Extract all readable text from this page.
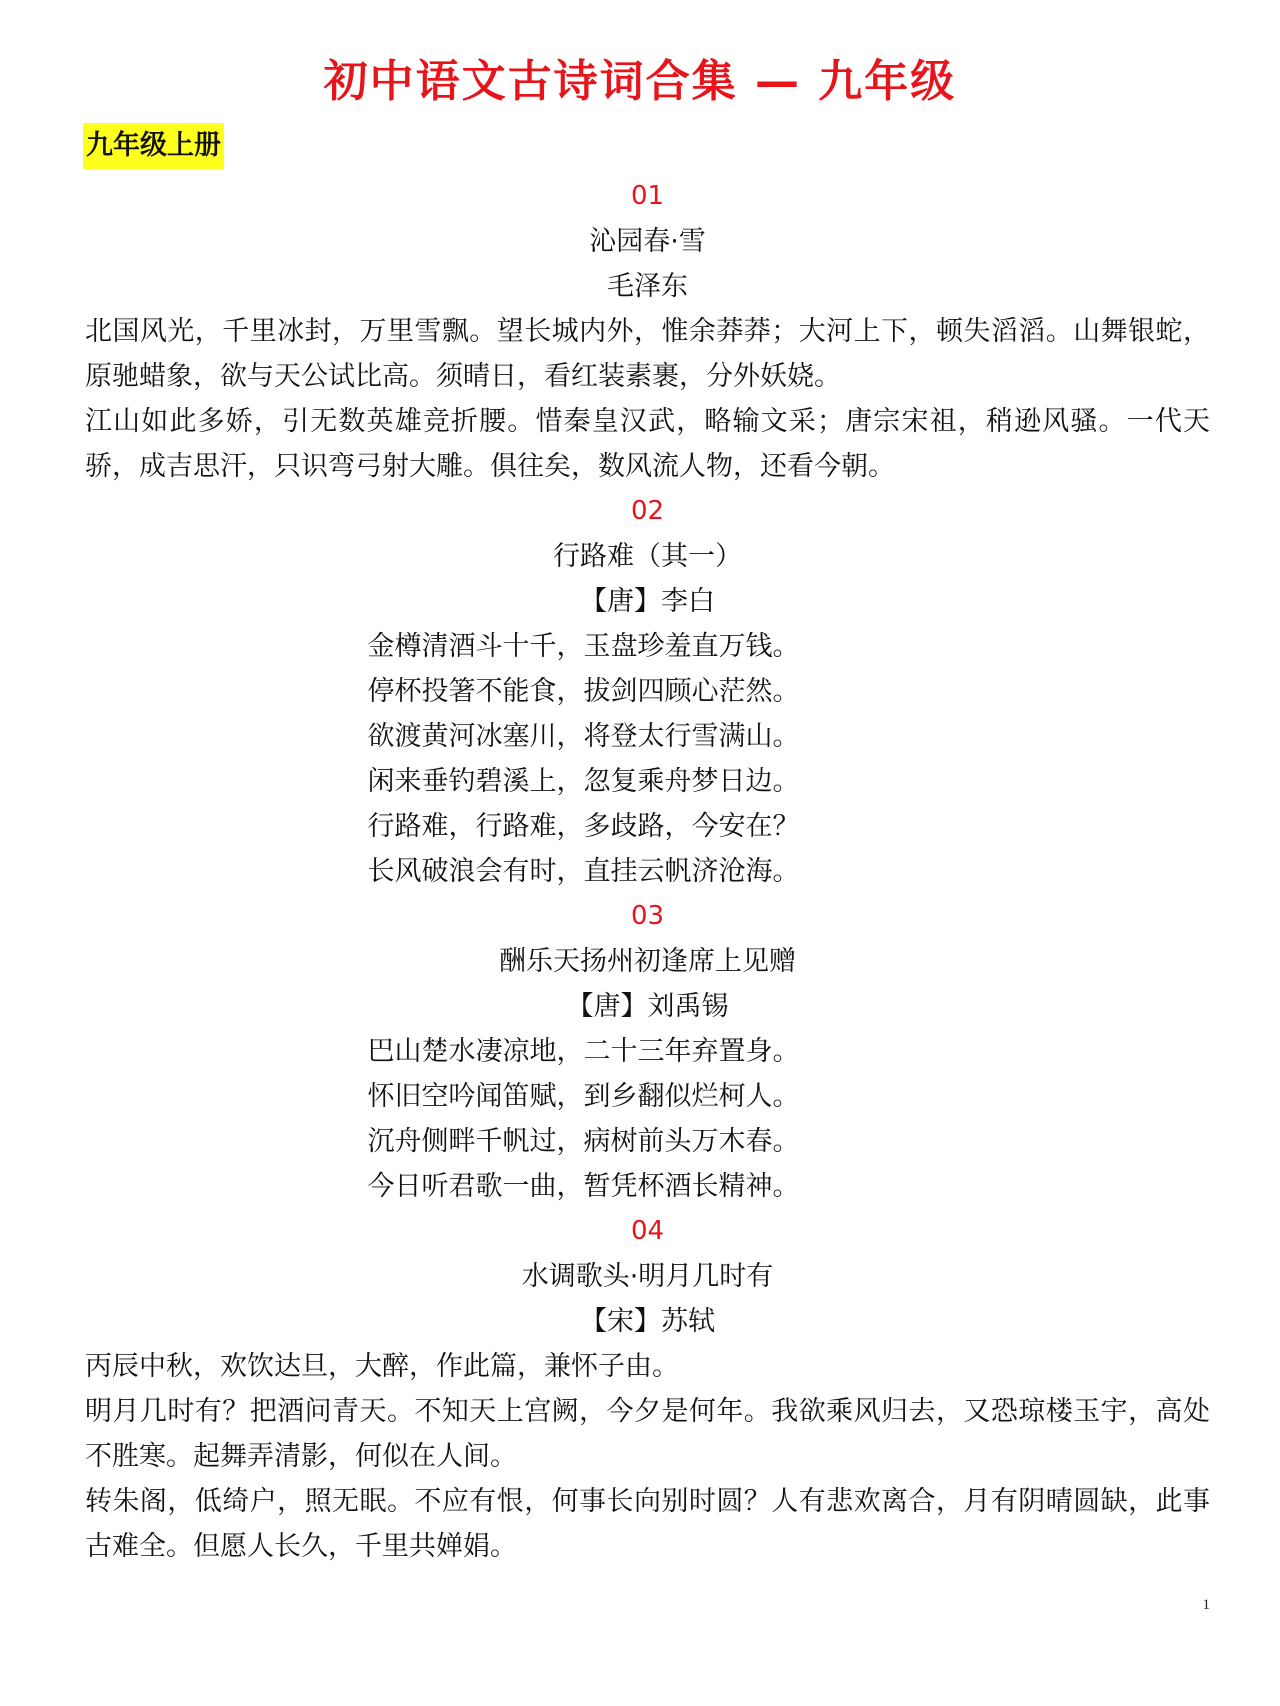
初中语文古诗词合集 — 九年级
九年级上册
01
沁园春·雪
毛泽东
北国风光，千里冰封，万里雪飘。望长城内外，惟余莽莽；大河上下，顿失滔滔。山舞银蛇，原驰蜡象，欲与天公试比高。须晴日，看红装素裹，分外妖娆。
江山如此多娇，引无数英雄竞折腰。惜秦皇汉武，略输文采；唐宗宋祖，稍逊风骚。一代天骄，成吉思汗，只识弯弓射大雕。俱往矣，数风流人物，还看今朝。
02
行路难（其一）
【唐】李白
金樽清酒斗十千，玉盘珍羞直万钱。
停杯投箸不能食，拔剑四顾心茫然。
欲渡黄河冰塞川，将登太行雪满山。
闲来垂钓碧溪上，忽复乘舟梦日边。
行路难，行路难，多歧路，今安在？
长风破浪会有时，直挂云帆济沧海。
03
酬乐天扬州初逢席上见赠
【唐】刘禹锡
巴山楚水凄凉地，二十三年弃置身。
怀旧空吟闻笛赋，到乡翻似烂柯人。
沉舟侧畔千帆过，病树前头万木春。
今日听君歌一曲，暂凭杯酒长精神。
04
水调歌头·明月几时有
【宋】苏轼
丙辰中秋，欢饮达旦，大醉，作此篇，兼怀子由。
明月几时有？把酒问青天。不知天上宫阙，今夕是何年。我欲乘风归去，又恐琼楼玉宇，高处不胜寒。起舞弄清影，何似在人间。
转朱阁，低绮户，照无眠。不应有恨，何事长向别时圆？人有悲欢离合，月有阴晴圆缺，此事古难全。但愿人长久，千里共婵娟。
1
